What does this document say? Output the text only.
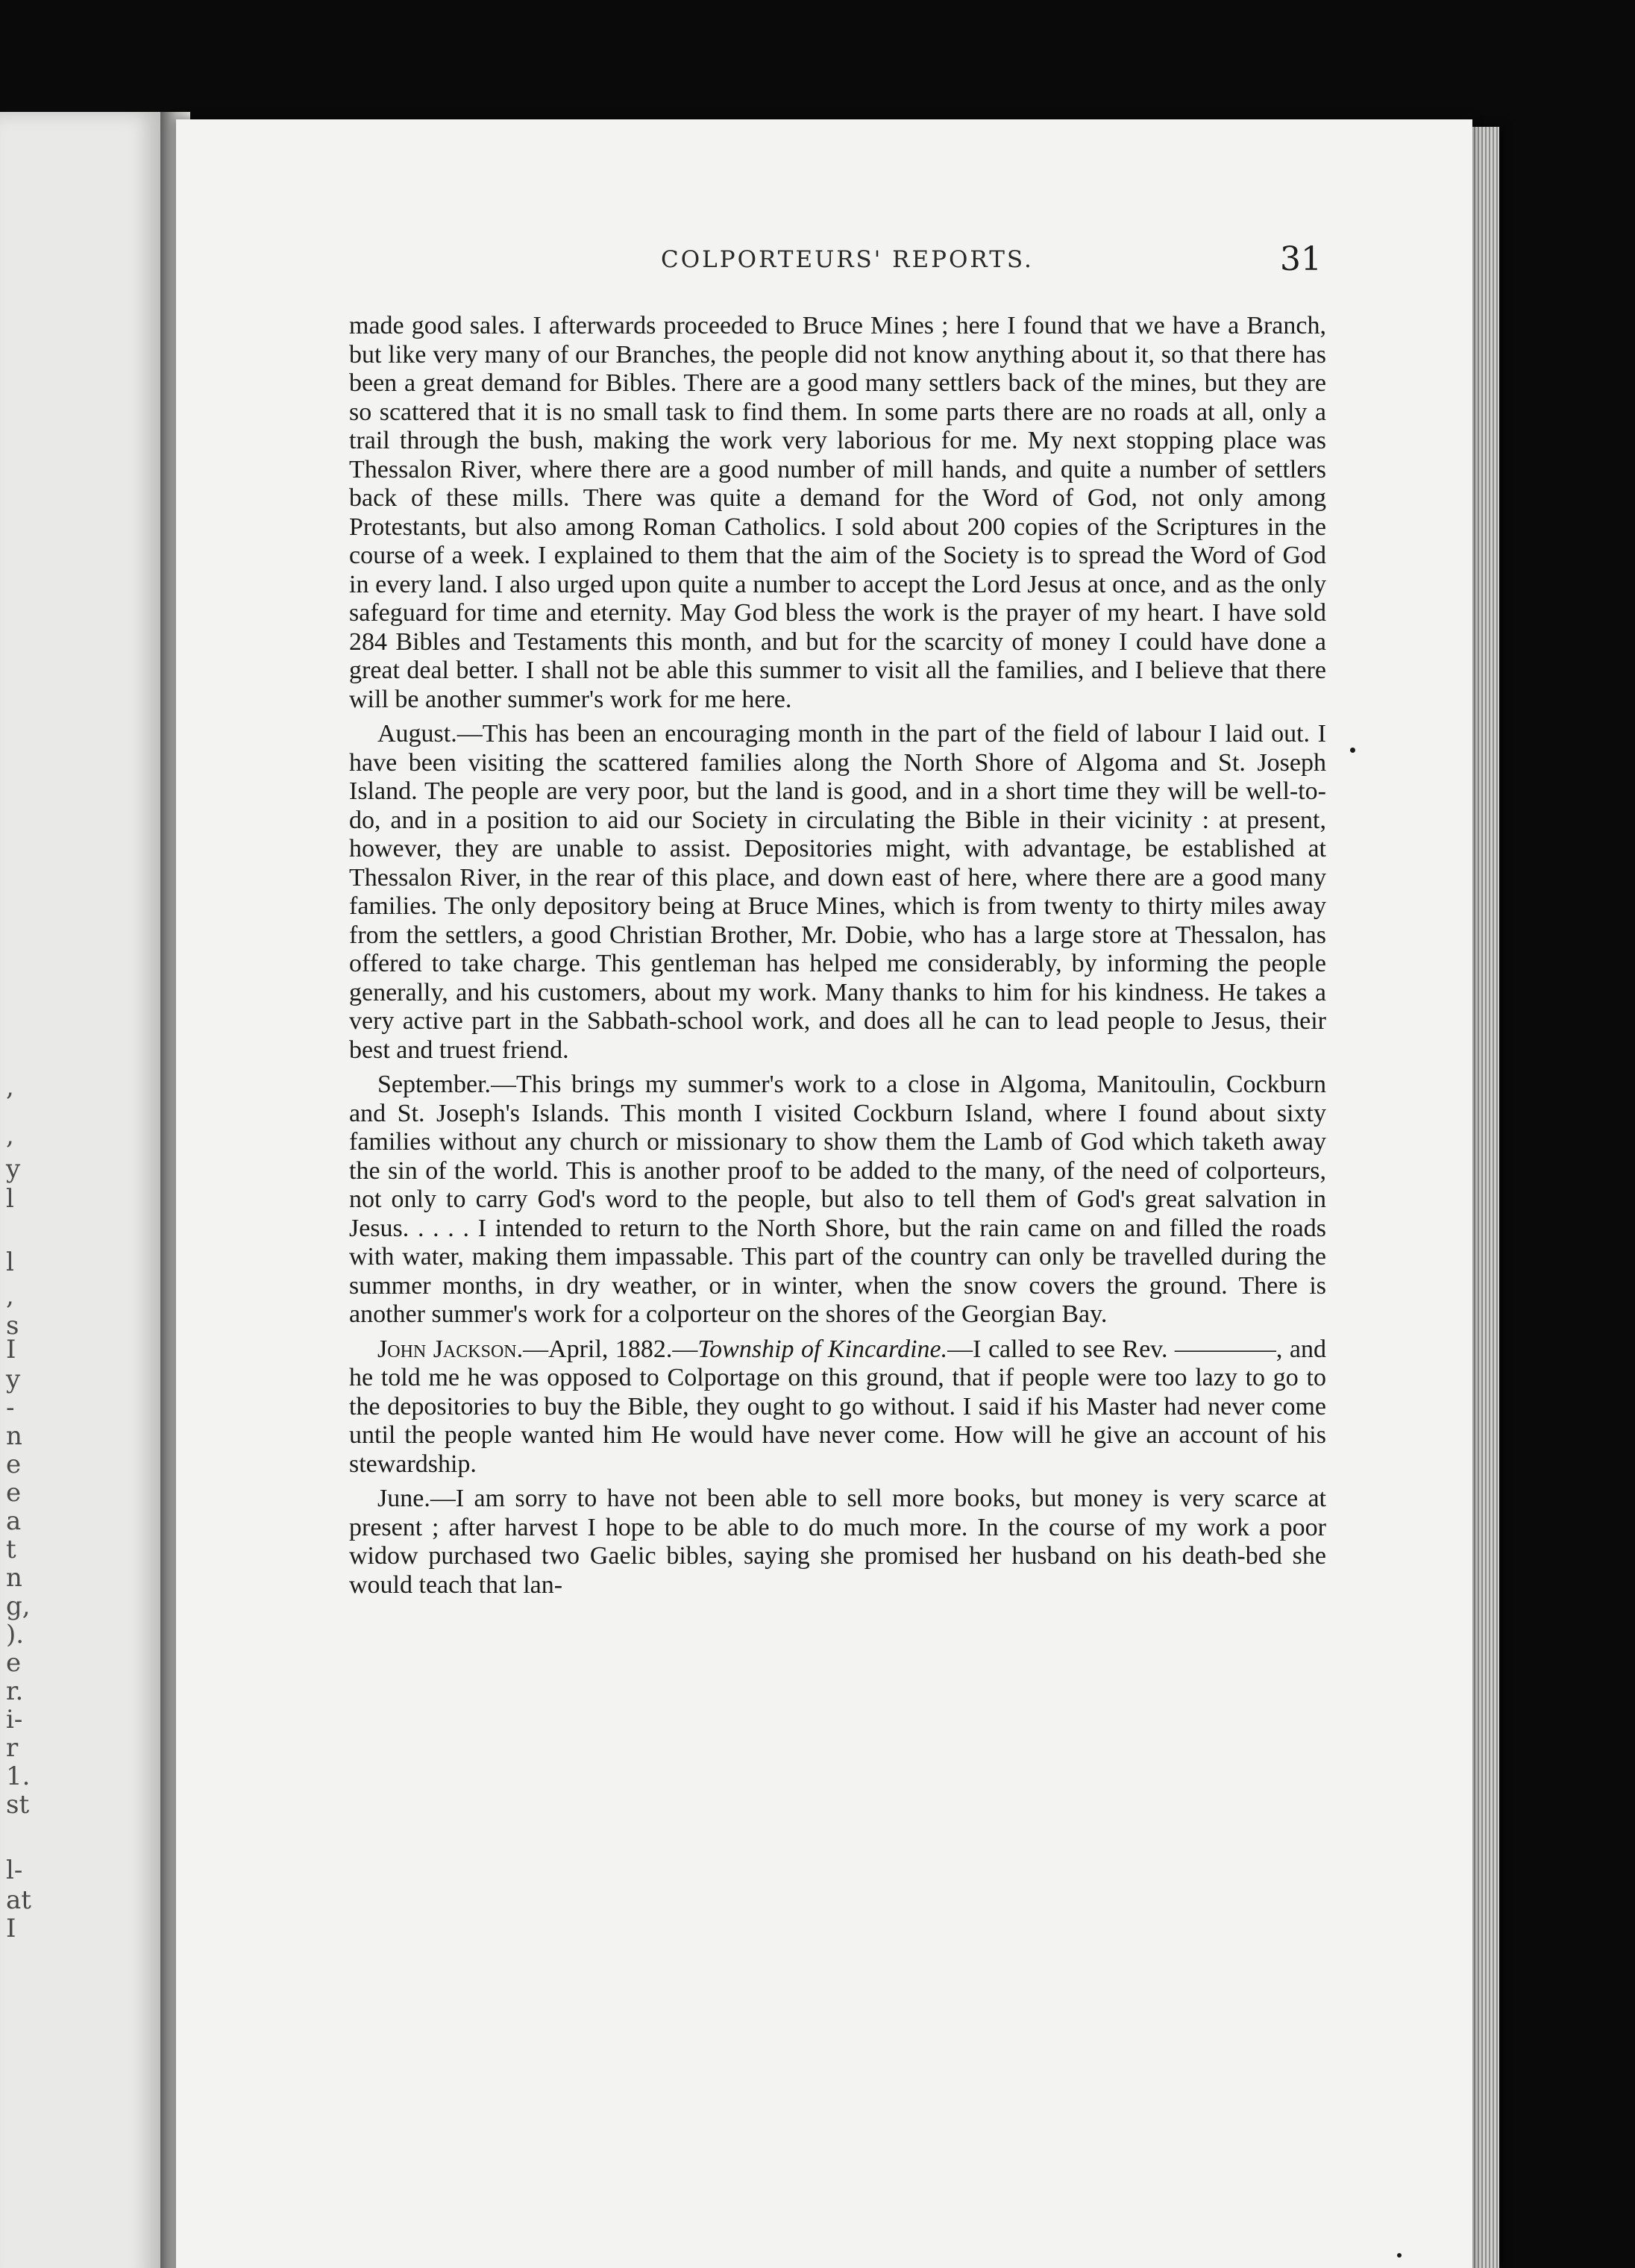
,
,
y
l
l
,
s
I
y
-
n
e
e
a
t
n
g,
).
e
r.
i-
r
1.
st
l-
at
I
COLPORTEURS' REPORTS.	31

made good sales. I afterwards proceeded to Bruce Mines ; here I found that we have a Branch, but like very many of our Branches, the people did not know anything about it, so that there has been a great demand for Bibles. There are a good many settlers back of the mines, but they are so scattered that it is no small task to find them. In some parts there are no roads at all, only a trail through the bush, making the work very laborious for me. My next stopping place was Thessalon River, where there are a good number of mill hands, and quite a number of settlers back of these mills. There was quite a demand for the Word of God, not only among Protestants, but also among Roman Catholics. I sold about 200 copies of the Scriptures in the course of a week. I explained to them that the aim of the Society is to spread the Word of God in every land. I also urged upon quite a number to accept the Lord Jesus at once, and as the only safeguard for time and eternity. May God bless the work is the prayer of my heart. I have sold 284 Bibles and Testaments this month, and but for the scarcity of money I could have done a great deal better. I shall not be able this summer to visit all the families, and I believe that there will be another summer's work for me here.

August.—This has been an encouraging month in the part of the field of labour I laid out. I have been visiting the scattered families along the North Shore of Algoma and St. Joseph Island. The people are very poor, but the land is good, and in a short time they will be well-to-do, and in a position to aid our Society in circulating the Bible in their vicinity : at present, however, they are unable to assist. Depositories might, with advantage, be established at Thessalon River, in the rear of this place, and down east of here, where there are a good many families. The only depository being at Bruce Mines, which is from twenty to thirty miles away from the settlers, a good Christian Brother, Mr. Dobie, who has a large store at Thessalon, has offered to take charge. This gentleman has helped me considerably, by informing the people generally, and his customers, about my work. Many thanks to him for his kindness. He takes a very active part in the Sabbath-school work, and does all he can to lead people to Jesus, their best and truest friend.

September.—This brings my summer's work to a close in Algoma, Manitoulin, Cockburn and St. Joseph's Islands. This month I visited Cockburn Island, where I found about sixty families without any church or missionary to show them the Lamb of God which taketh away the sin of the world. This is another proof to be added to the many, of the need of colporteurs, not only to carry God's word to the people, but also to tell them of God's great salvation in Jesus. . . . . I intended to return to the North Shore, but the rain came on and filled the roads with water, making them impassable. This part of the country can only be travelled during the summer months, in dry weather, or in winter, when the snow covers the ground. There is another summer's work for a colporteur on the shores of the Georgian Bay.

John Jackson.—April, 1882.—Township of Kincardine.—I called to see Rev. ————, and he told me he was opposed to Colportage on this ground, that if people were too lazy to go to the depositories to buy the Bible, they ought to go without. I said if his Master had never come until the people wanted him He would have never come. How will he give an account of his stewardship.

June.—I am sorry to have not been able to sell more books, but money is very scarce at present ; after harvest I hope to be able to do much more. In the course of my work a poor widow purchased two Gaelic bibles, saying she promised her husband on his death-bed she would teach that lan-
